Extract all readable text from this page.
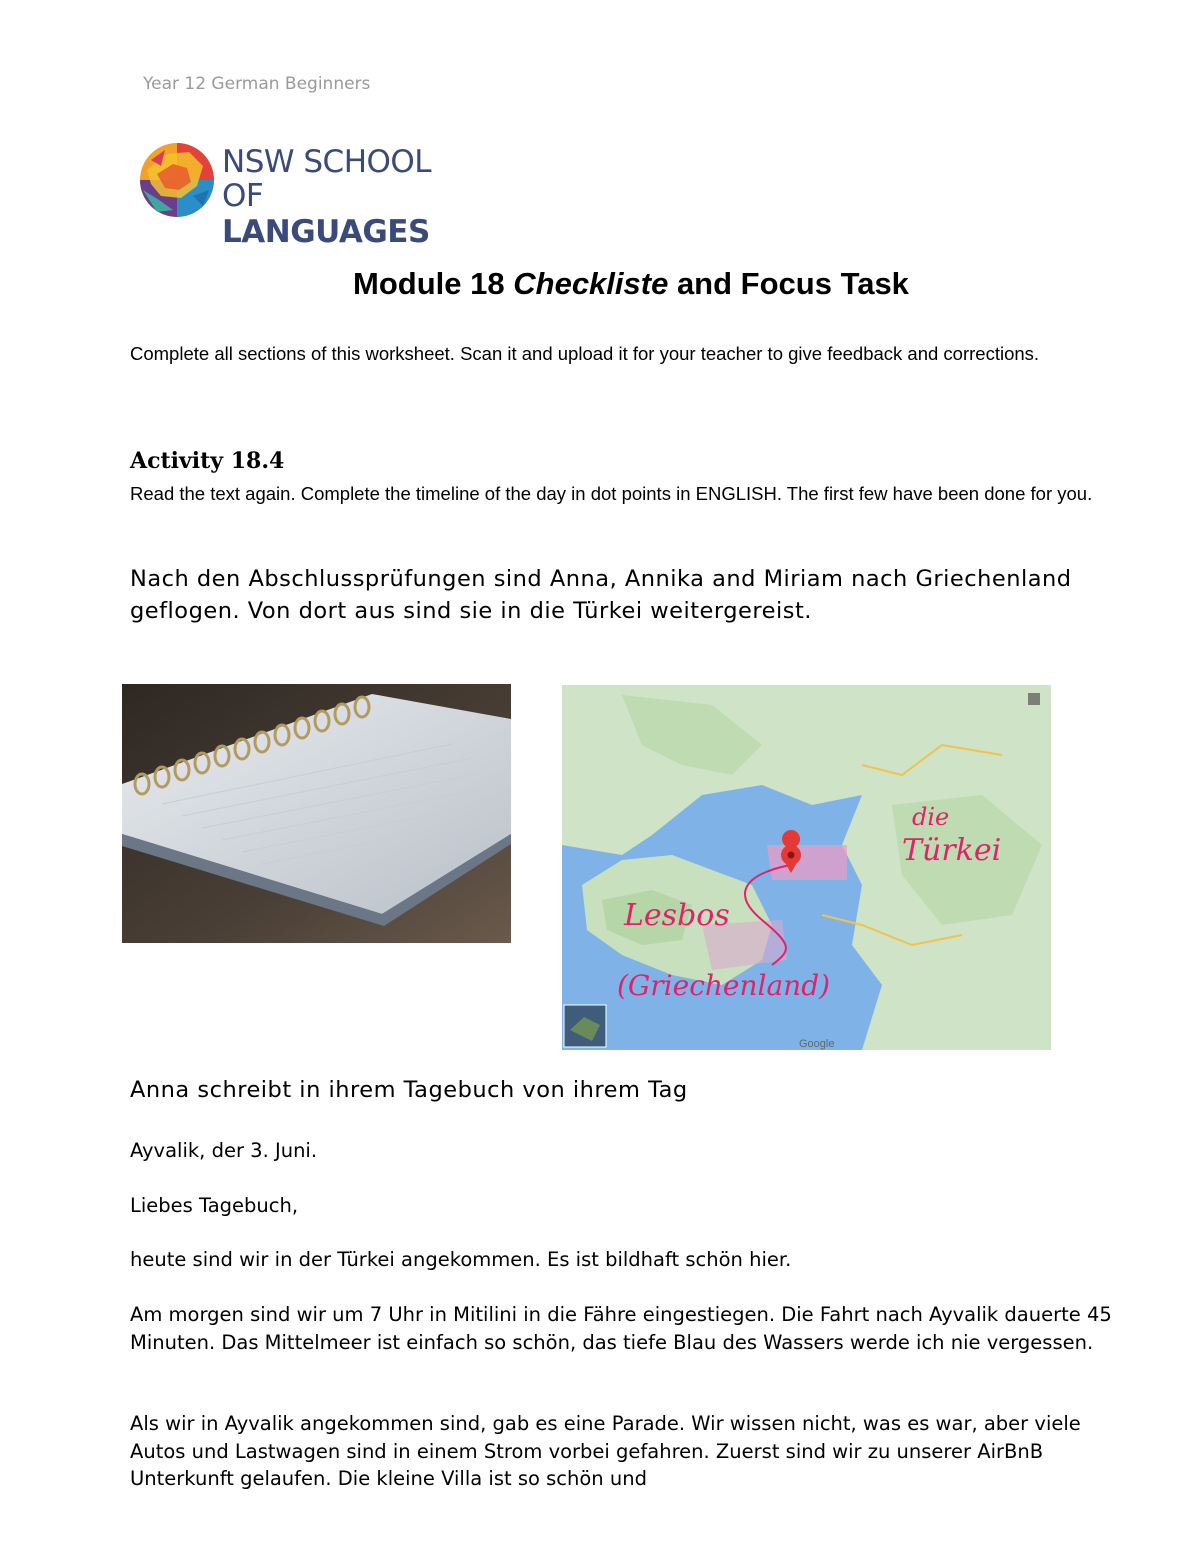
Year 12 German Beginners
NSW SCHOOL
OF LANGUAGES
Module 18 Checkliste and Focus Task
Complete all sections of this worksheet. Scan it and upload it for your teacher to give feedback and corrections.
Activity 18.4
Read the text again. Complete the timeline of the day in dot points in ENGLISH. The first few have been done for you.
Nach den Abschlussprüfungen sind Anna, Annika and Miriam nach Griechenland geflogen. Von dort aus sind sie in die Türkei weitergereist.
die
Türkei
Lesbos
(Griechenland)
Google
Anna schreibt in ihrem Tagebuch von ihrem Tag
Ayvalik, der 3. Juni.
Liebes Tagebuch,
heute sind wir in der Türkei angekommen. Es ist bildhaft schön hier.
Am morgen sind wir um 7 Uhr in Mitilini in die Fähre eingestiegen. Die Fahrt nach Ayvalik dauerte 45 Minuten. Das Mittelmeer ist einfach so schön, das tiefe Blau des Wassers werde ich nie vergessen.
Als wir in Ayvalik angekommen sind, gab es eine Parade. Wir wissen nicht, was es war, aber viele Autos und Lastwagen sind in einem Strom vorbei gefahren. Zuerst sind wir zu unserer AirBnB Unterkunft gelaufen. Die kleine Villa ist so schön und
